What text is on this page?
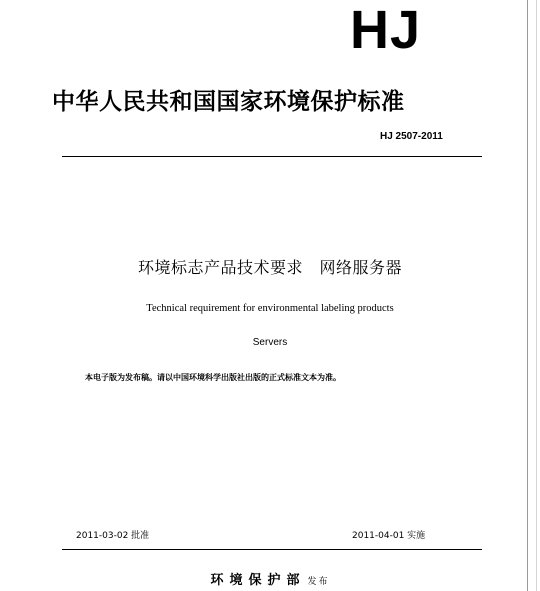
HJ
中华人民共和国国家环境保护标准
HJ 2507-2011
环境标志产品技术要求　网络服务器
Technical requirement for environmental labeling products
Servers
本电子版为发布稿。请以中国环境科学出版社出版的正式标准文本为准。
2011-03-02 批准	2011-04-01 实施
环境保护部 发布
